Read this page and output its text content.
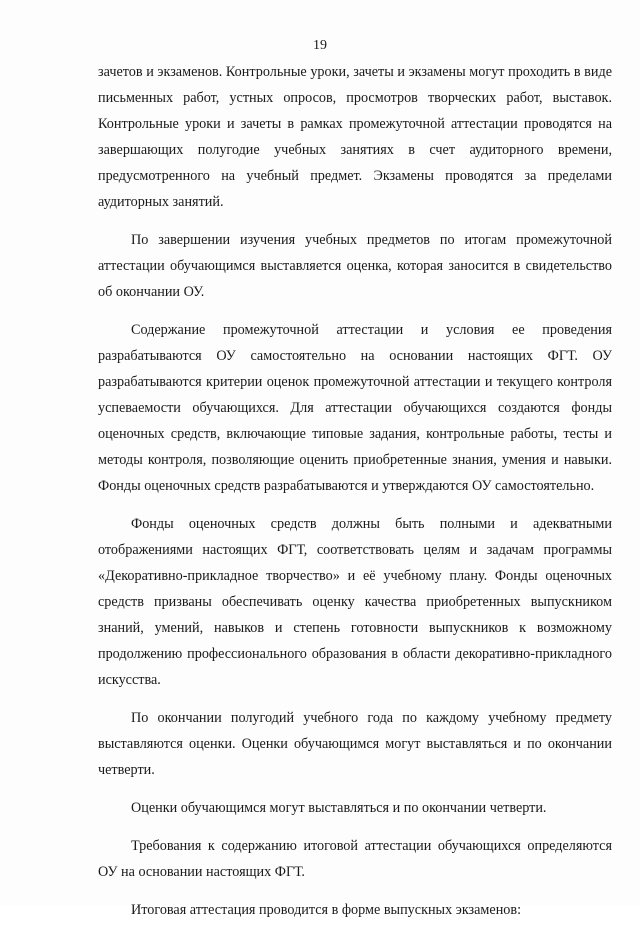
19

зачетов и экзаменов. Контрольные уроки, зачеты и экзамены могут проходить в виде письменных работ, устных опросов, просмотров творческих работ, выставок. Контрольные уроки и зачеты в рамках промежуточной аттестации проводятся на завершающих полугодие учебных занятиях в счет аудиторного времени, предусмотренного на учебный предмет. Экзамены проводятся за пределами аудиторных занятий.

По завершении изучения учебных предметов по итогам промежуточной аттестации обучающимся выставляется оценка, которая заносится в свидетельство об окончании ОУ.

Содержание промежуточной аттестации и условия ее проведения разрабатываются ОУ самостоятельно на основании настоящих ФГТ. ОУ разрабатываются критерии оценок промежуточной аттестации и текущего контроля успеваемости обучающихся. Для аттестации обучающихся создаются фонды оценочных средств, включающие типовые задания, контрольные работы, тесты и методы контроля, позволяющие оценить приобретенные знания, умения и навыки. Фонды оценочных средств разрабатываются и утверждаются ОУ самостоятельно.

Фонды оценочных средств должны быть полными и адекватными отображениями настоящих ФГТ, соответствовать целям и задачам программы «Декоративно-прикладное творчество» и её учебному плану. Фонды оценочных средств призваны обеспечивать оценку качества приобретенных выпускником знаний, умений, навыков и степень готовности выпускников к возможному продолжению профессионального образования в области декоративно-прикладного искусства.

По окончании полугодий учебного года по каждому учебному предмету выставляются оценки. Оценки обучающимся могут выставляться и по окончании четверти.

Оценки обучающимся могут выставляться и по окончании четверти.

Требования к содержанию итоговой аттестации обучающихся определяются ОУ на основании настоящих ФГТ.

Итоговая аттестация проводится в форме выпускных экзаменов:
